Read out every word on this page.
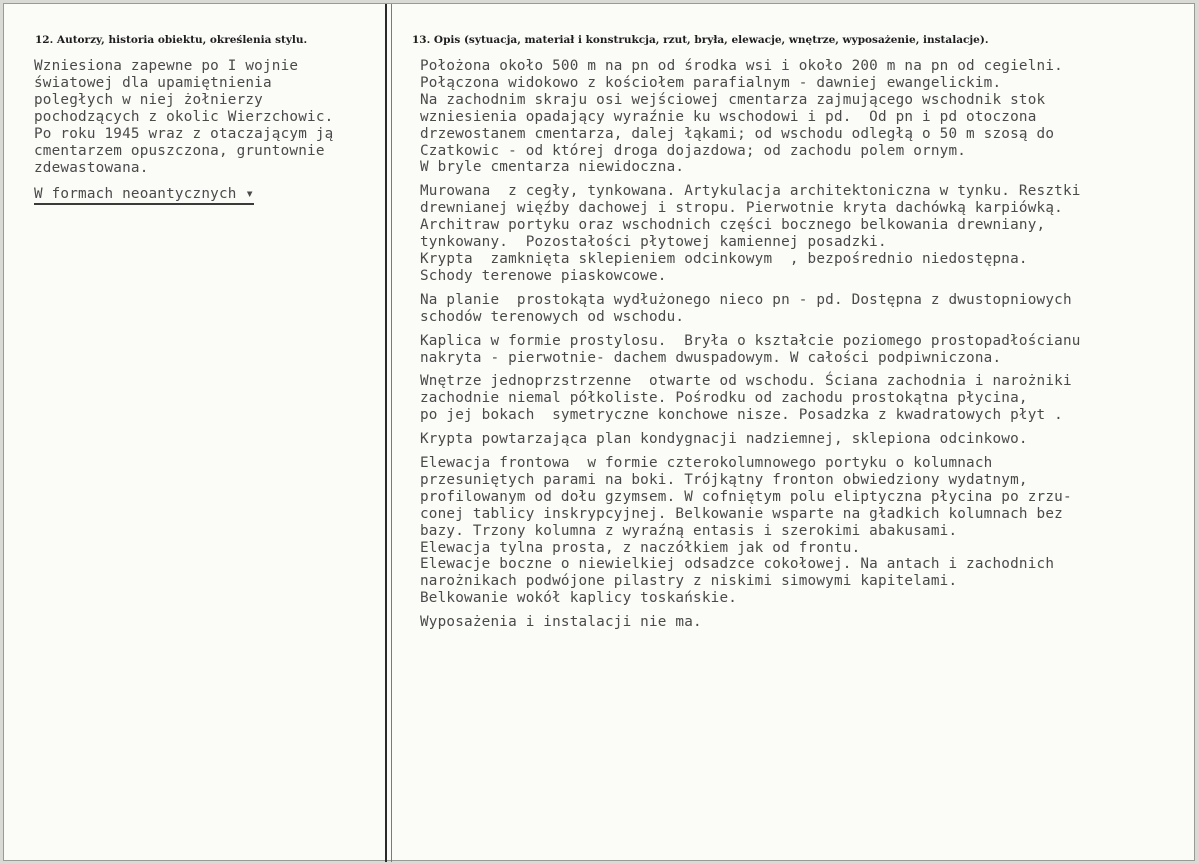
12. Autorzy, historia obiektu, określenia stylu.	13. Opis (sytuacja, materiał i konstrukcja, rzut, bryła, elewacje, wnętrze, wyposażenie, instalacje).
Wzniesiona zapewne po I wojnie
światowej dla upamiętnienia
poległych w niej żołnierzy
pochodzących z okolic Wierzchowic.
Po roku 1945 wraz z otaczającym ją
cmentarzem opuszczona, gruntownie
zdewastowana.
W formach neoantycznych ▾
Położona około 500 m na pn od środka wsi i około 200 m na pn od cegielni.
Połączona widokowo z kościołem parafialnym - dawniej ewangelickim.
Na zachodnim skraju osi wejściowej cmentarza zajmującego wschodnik stok
wzniesienia opadający wyraźnie ku wschodowi i pd.  Od pn i pd otoczona
drzewostanem cmentarza, dalej łąkami; od wschodu odległą o 50 m szosą do
Czatkowic - od której droga dojazdowa; od zachodu polem ornym.
W bryle cmentarza niewidoczna.
Murowana  z cegły, tynkowana. Artykulacja architektoniczna w tynku. Resztki
drewnianej więźby dachowej i stropu. Pierwotnie kryta dachówką karpiówką.
Architraw portyku oraz wschodnich części bocznego belkowania drewniany,
tynkowany.  Pozostałości płytowej kamiennej posadzki.
Krypta  zamknięta sklepieniem odcinkowym  , bezpośrednio niedostępna.
Schody terenowe piaskowcowe.
Na planie  prostokąta wydłużonego nieco pn - pd. Dostępna z dwustopniowych
schodów terenowych od wschodu.
Kaplica w formie prostylosu.  Bryła o kształcie poziomego prostopadłościanu
nakryta - pierwotnie- dachem dwuspadowym. W całości podpiwniczona.
Wnętrze jednoprzstrzenne  otwarte od wschodu. Ściana zachodnia i narożniki
zachodnie niemal półkoliste. Pośrodku od zachodu prostokątna płycina,
po jej bokach  symetryczne konchowe nisze. Posadzka z kwadratowych płyt .
Krypta powtarzająca plan kondygnacji nadziemnej, sklepiona odcinkowo.
Elewacja frontowa  w formie czterokolumnowego portyku o kolumnach
przesuniętych parami na boki. Trójkątny fronton obwiedziony wydatnym,
profilowanym od dołu gzymsem. W cofniętym polu eliptyczna płycina po zrzu-
conej tablicy inskrypcyjnej. Belkowanie wsparte na gładkich kolumnach bez
bazy. Trzony kolumna z wyraźną entasis i szerokimi abakusami.
Elewacja tylna prosta, z naczółkiem jak od frontu.
Elewacje boczne o niewielkiej odsadzce cokołowej. Na antach i zachodnich
narożnikach podwójone pilastry z niskimi simowymi kapitelami.
Belkowanie wokół kaplicy toskańskie.
Wyposażenia i instalacji nie ma.
